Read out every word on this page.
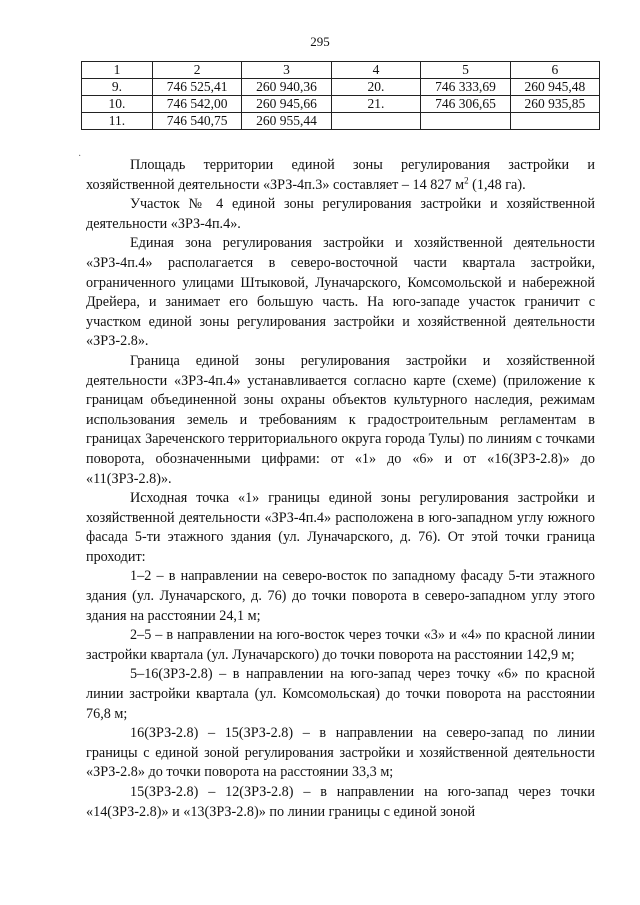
295
1	2	3	4	5	6
9.	746 525,41	260 940,36	20.	746 333,69	260 945,48
10.	746 542,00	260 945,66	21.	746 306,65	260 935,85
11.	746 540,75	260 955,44			
·

Площадь территории единой зоны регулирования застройки и хозяйственной деятельности «ЗРЗ-4п.3» составляет – 14 827 $м^2$ (1,48 га).

Участок № 4 единой зоны регулирования застройки и хозяйственной деятельности «ЗРЗ-4п.4».

Единая зона регулирования застройки и хозяйственной деятельности «ЗРЗ-4п.4» располагается в северо-восточной части квартала застройки, ограниченного улицами Штыковой, Луначарского, Комсомольской и набережной Дрейера, и занимает его большую часть. На юго-западе участок граничит с участком единой зоны регулирования застройки и хозяйственной деятельности «ЗРЗ-2.8».

Граница единой зоны регулирования застройки и хозяйственной деятельности «ЗРЗ-4п.4» устанавливается согласно карте (схеме) (приложение к границам объединенной зоны охраны объектов культурного наследия, режимам использования земель и требованиям к градостроительным регламентам в границах Зареченского территориального округа города Тулы) по линиям с точками поворота, обозначенными цифрами: от «1» до «6» и от «16(ЗРЗ-2.8)» до «11(ЗРЗ-2.8)».

Исходная точка «1» границы единой зоны регулирования застройки и хозяйственной деятельности «ЗРЗ-4п.4» расположена в юго-западном углу южного фасада 5-ти этажного здания (ул. Луначарского, д. 76). От этой точки граница проходит:

1–2 – в направлении на северо-восток по западному фасаду 5-ти этажного здания (ул. Луначарского, д. 76) до точки поворота в северо-западном углу этого здания на расстоянии 24,1 м;

2–5 – в направлении на юго-восток через точки «3» и «4» по красной линии застройки квартала (ул. Луначарского) до точки поворота на расстоянии 142,9 м;

5–16(ЗРЗ-2.8) – в направлении на юго-запад через точку «6» по красной линии застройки квартала (ул. Комсомольская) до точки поворота на расстоянии 76,8 м;

16(ЗРЗ-2.8) – 15(ЗРЗ-2.8) – в направлении на северо-запад по линии границы с единой зоной регулирования застройки и хозяйственной деятельности «ЗРЗ-2.8» до точки поворота на расстоянии 33,3 м;

15(ЗРЗ-2.8) – 12(ЗРЗ-2.8) – в направлении на юго-запад через точки «14(ЗРЗ-2.8)» и «13(ЗРЗ-2.8)» по линии границы с единой зоной
